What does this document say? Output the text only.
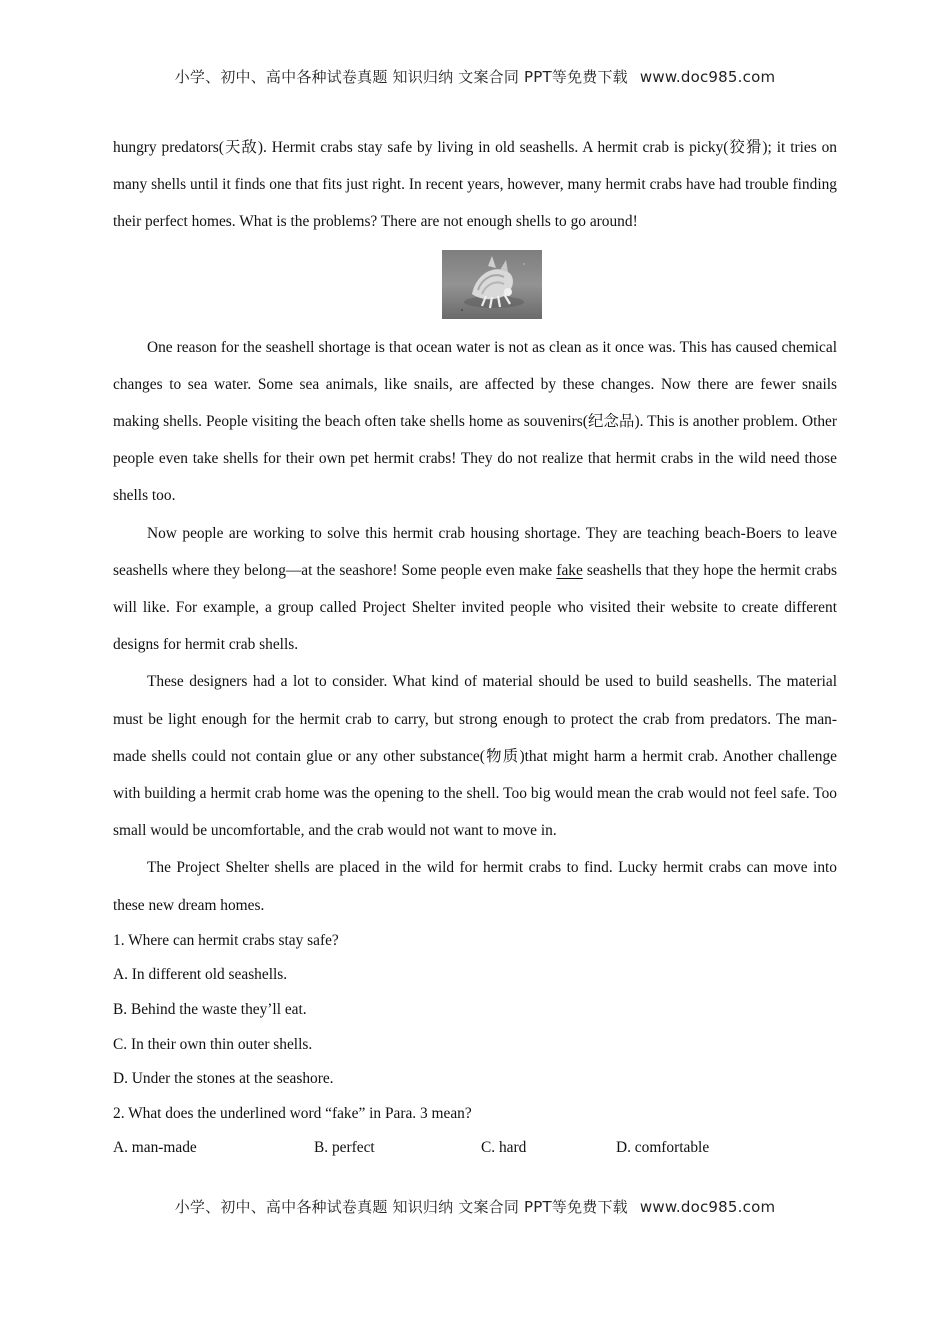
小学、初中、高中各种试卷真题 知识归纳 文案合同 PPT等免费下载 www.doc985.com

hungry predators(天敌). Hermit crabs stay safe by living in old seashells. A hermit crab is picky(狡猾); it tries on many shells until it finds one that fits just right. In recent years, however, many hermit crabs have had trouble finding their perfect homes. What is the problems? There are not enough shells to go around!

One reason for the seashell shortage is that ocean water is not as clean as it once was. This has caused chemical changes to sea water. Some sea animals, like snails, are affected by these changes. Now there are fewer snails making shells. People visiting the beach often take shells home as souvenirs(纪念品). This is another problem. Other people even take shells for their own pet hermit crabs! They do not realize that hermit crabs in the wild need those shells too.

Now people are working to solve this hermit crab housing shortage. They are teaching beach-Boers to leave seashells where they belong—at the seashore! Some people even make fake seashells that they hope the hermit crabs will like. For example, a group called Project Shelter invited people who visited their website to create different designs for hermit crab shells.

These designers had a lot to consider. What kind of material should be used to build seashells. The material must be light enough for the hermit crab to carry, but strong enough to protect the crab from predators. The man-made shells could not contain glue or any other substance(物质)that might harm a hermit crab. Another challenge with building a hermit crab home was the opening to the shell. Too big would mean the crab would not feel safe. Too small would be uncomfortable, and the crab would not want to move in.

The Project Shelter shells are placed in the wild for hermit crabs to find. Lucky hermit crabs can move into these new dream homes.

1. Where can hermit crabs stay safe?

A. In different old seashells.

B. Behind the waste they’ll eat.

C. In their own thin outer shells.

D. Under the stones at the seashore.

2. What does the underlined word “fake” in Para. 3 mean?

A. man-made	B. perfect	C. hard	D. comfortable

小学、初中、高中各种试卷真题 知识归纳 文案合同 PPT等免费下载 www.doc985.com
